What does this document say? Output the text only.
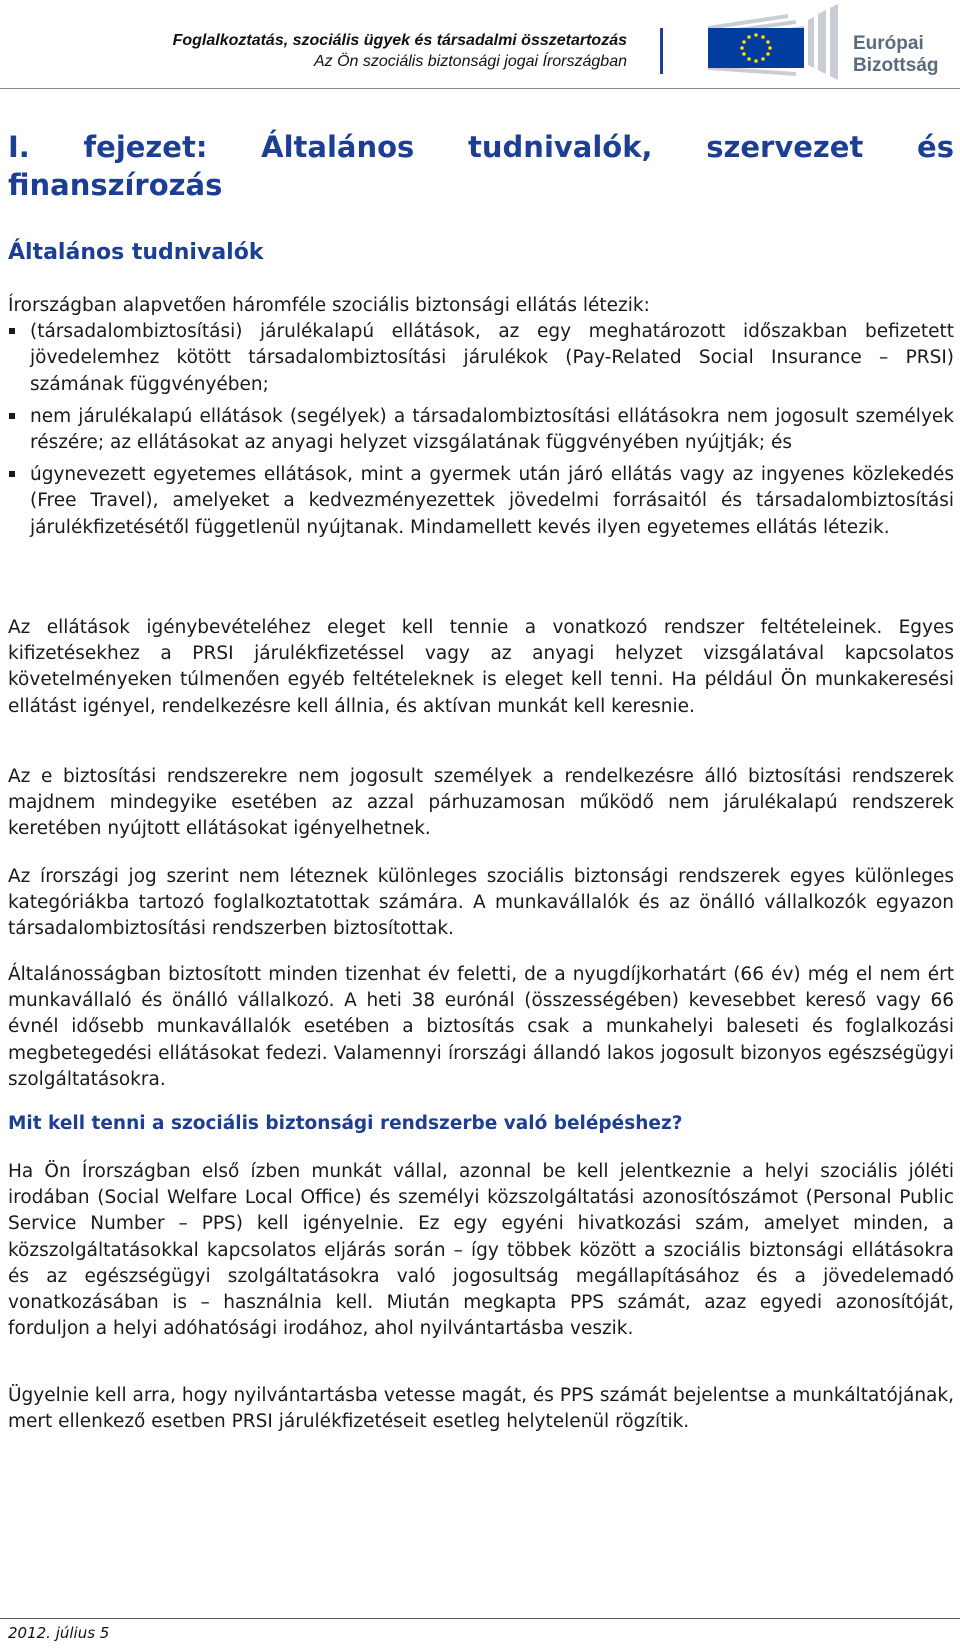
Foglalkoztatás, szociális ügyek és társadalmi összetartozás
Az Ön szociális biztonsági jogai Írországban
Európai
Bizottság
I. fejezet: Általános tudnivalók, szervezet és finanszírozás
Általános tudnivalók

Írországban alapvetően háromféle szociális biztonsági ellátás létezik:

(társadalombiztosítási) járulékalapú ellátások, az egy meghatározott időszakban befizetett jövedelemhez kötött társadalombiztosítási járulékok (Pay-Related Social Insurance – PRSI) számának függvényében;
nem járulékalapú ellátások (segélyek) a társadalombiztosítási ellátásokra nem jogosult személyek részére; az ellátásokat az anyagi helyzet vizsgálatának függvényében nyújtják; és
úgynevezett egyetemes ellátások, mint a gyermek után járó ellátás vagy az ingyenes közlekedés (Free Travel), amelyeket a kedvezményezettek jövedelmi forrásaitól és társadalombiztosítási járulékfizetésétől függetlenül nyújtanak. Mindamellett kevés ilyen egyetemes ellátás létezik.

Az ellátások igénybevételéhez eleget kell tennie a vonatkozó rendszer feltételeinek. Egyes kifizetésekhez a PRSI járulékfizetéssel vagy az anyagi helyzet vizsgálatával kapcsolatos követelményeken túlmenően egyéb feltételeknek is eleget kell tenni. Ha például Ön munkakeresési ellátást igényel, rendelkezésre kell állnia, és aktívan munkát kell keresnie.

Az e biztosítási rendszerekre nem jogosult személyek a rendelkezésre álló biztosítási rendszerek majdnem mindegyike esetében az azzal párhuzamosan működő nem járulékalapú rendszerek keretében nyújtott ellátásokat igényelhetnek.

Az írországi jog szerint nem léteznek különleges szociális biztonsági rendszerek egyes különleges kategóriákba tartozó foglalkoztatottak számára. A munkavállalók és az önálló vállalkozók egyazon társadalombiztosítási rendszerben biztosítottak.

Általánosságban biztosított minden tizenhat év feletti, de a nyugdíjkorhatárt (66 év) még el nem ért munkavállaló és önálló vállalkozó. A heti 38 eurónál (összességében) kevesebbet kereső vagy 66 évnél idősebb munkavállalók esetében a biztosítás csak a munkahelyi baleseti és foglalkozási megbetegedési ellátásokat fedezi. Valamennyi írországi állandó lakos jogosult bizonyos egészségügyi szolgáltatásokra.

Mit kell tenni a szociális biztonsági rendszerbe való belépéshez?

Ha Ön Írországban első ízben munkát vállal, azonnal be kell jelentkeznie a helyi szociális jóléti irodában (Social Welfare Local Office) és személyi közszolgáltatási azonosítószámot (Personal Public Service Number – PPS) kell igényelnie. Ez egy egyéni hivatkozási szám, amelyet minden, a közszolgáltatásokkal kapcsolatos eljárás során – így többek között a szociális biztonsági ellátásokra és az egészségügyi szolgáltatásokra való jogosultság megállapításához és a jövedelemadó vonatkozásában is – használnia kell. Miután megkapta PPS számát, azaz egyedi azonosítóját, forduljon a helyi adóhatósági irodához, ahol nyilvántartásba veszik.

Ügyelnie kell arra, hogy nyilvántartásba vetesse magát, és PPS számát bejelentse a munkáltatójának, mert ellenkező esetben PRSI járulékfizetéseit esetleg helytelenül rögzítik.

2012. július 5
